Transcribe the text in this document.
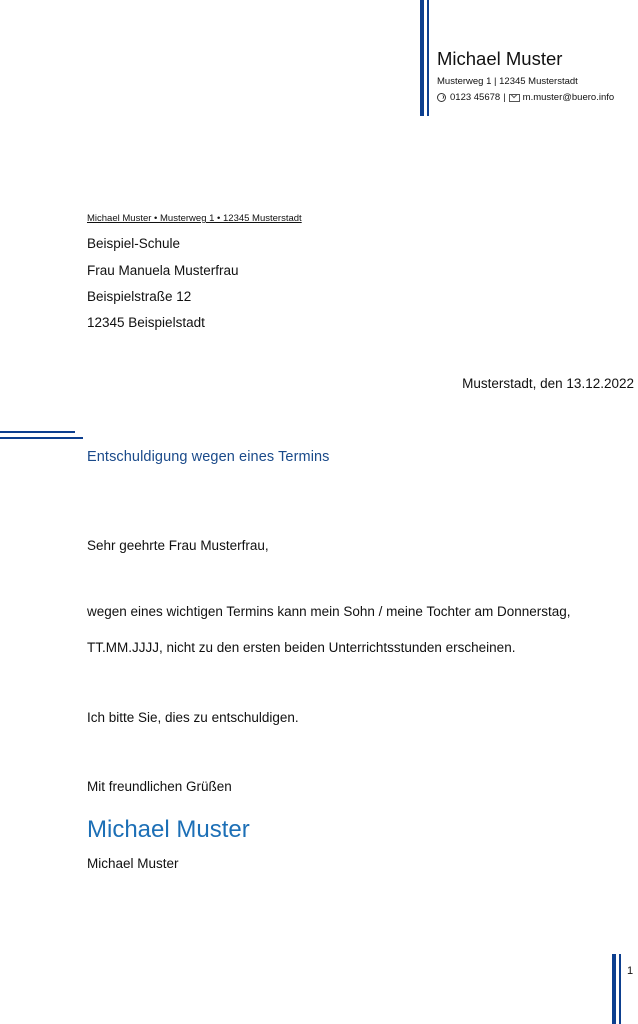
Michael Muster
Musterweg 1 | 12345 Musterstadt
0123 45678 | m.muster@buero.info
Michael Muster • Musterweg 1 • 12345 Musterstadt
Beispiel-Schule
Frau Manuela Musterfrau
Beispielstraße 12
12345 Beispielstadt
Musterstadt, den 13.12.2022
Entschuldigung wegen eines Termins
Sehr geehrte Frau Musterfrau,
wegen eines wichtigen Termins kann mein Sohn / meine Tochter am Donnerstag,
TT.MM.JJJJ, nicht zu den ersten beiden Unterrichtsstunden erscheinen.
Ich bitte Sie, dies zu entschuldigen.
Mit freundlichen Grüßen
Michael Muster
Michael Muster
1
